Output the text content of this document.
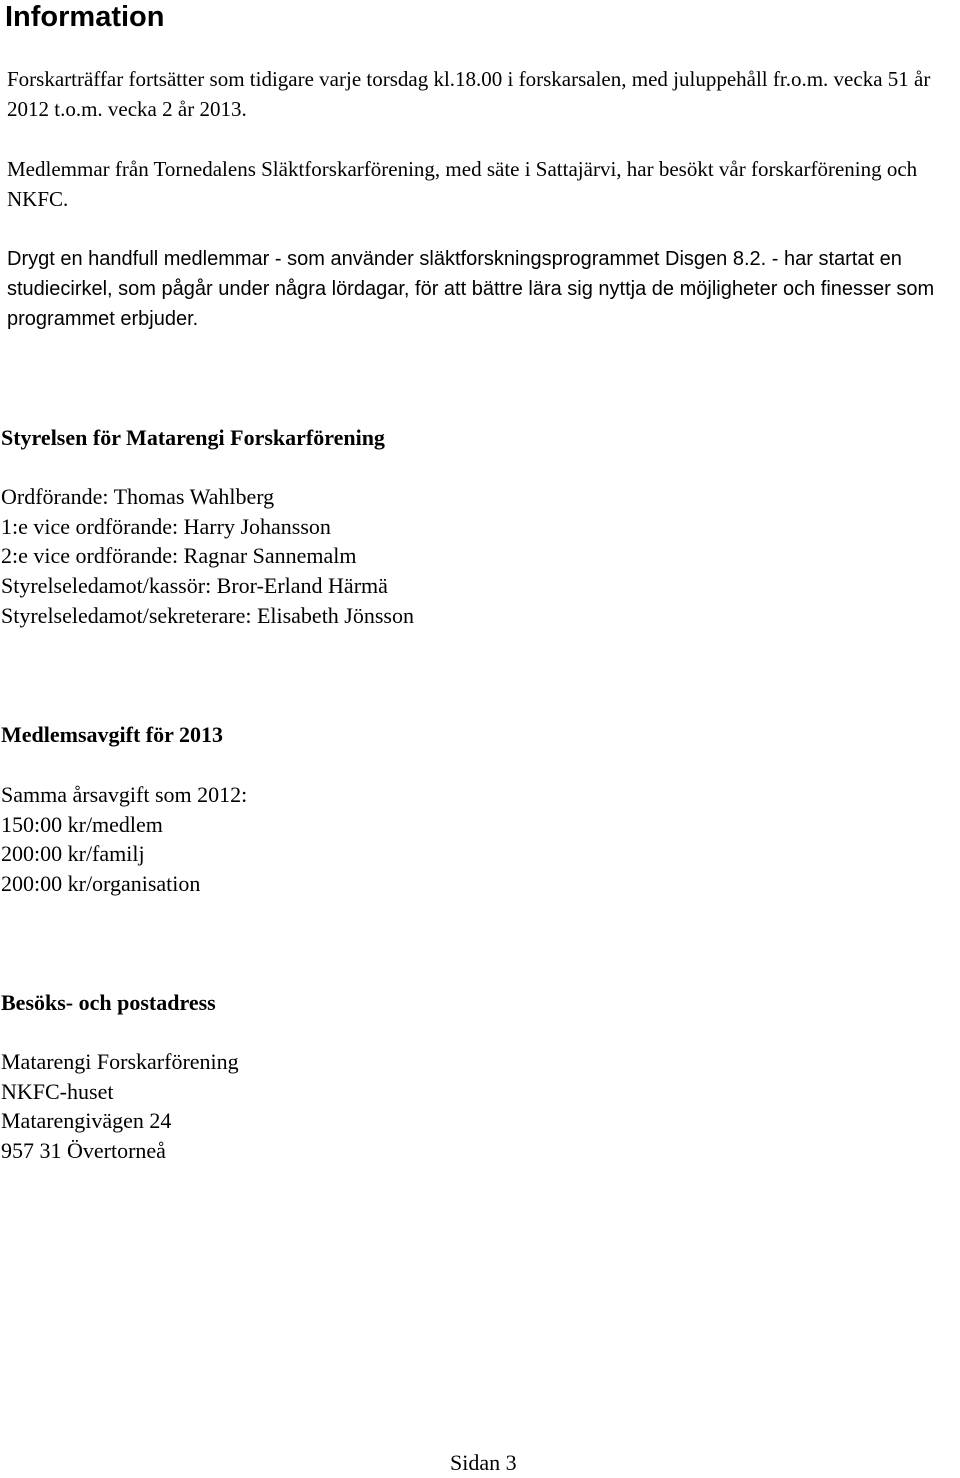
Information

Forskarträffar fortsätter som tidigare varje torsdag kl.18.00 i forskarsalen, med juluppehåll fr.o.m. vecka 51 år 2012 t.o.m. vecka 2 år 2013.

Medlemmar från Tornedalens Släktforskarförening, med säte i Sattajärvi, har besökt vår forskarförening och NKFC.

Drygt en handfull medlemmar - som använder släktforskningsprogrammet Disgen 8.2. - har startat en studiecirkel, som pågår under några lördagar, för att bättre lära sig nyttja de möjligheter och finesser som programmet erbjuder.

Styrelsen för Matarengi Forskarförening
Ordförande: Thomas Wahlberg
1:e vice ordförande: Harry Johansson
2:e vice ordförande: Ragnar Sannemalm
Styrelseledamot/kassör: Bror-Erland Härmä
Styrelseledamot/sekreterare: Elisabeth Jönsson
Medlemsavgift för 2013
Samma årsavgift som 2012:
150:00 kr/medlem
200:00 kr/familj
200:00 kr/organisation
Besöks- och postadress
Matarengi Forskarförening
NKFC-huset
Matarengivägen 24
957 31 Övertorneå
Sidan 3
